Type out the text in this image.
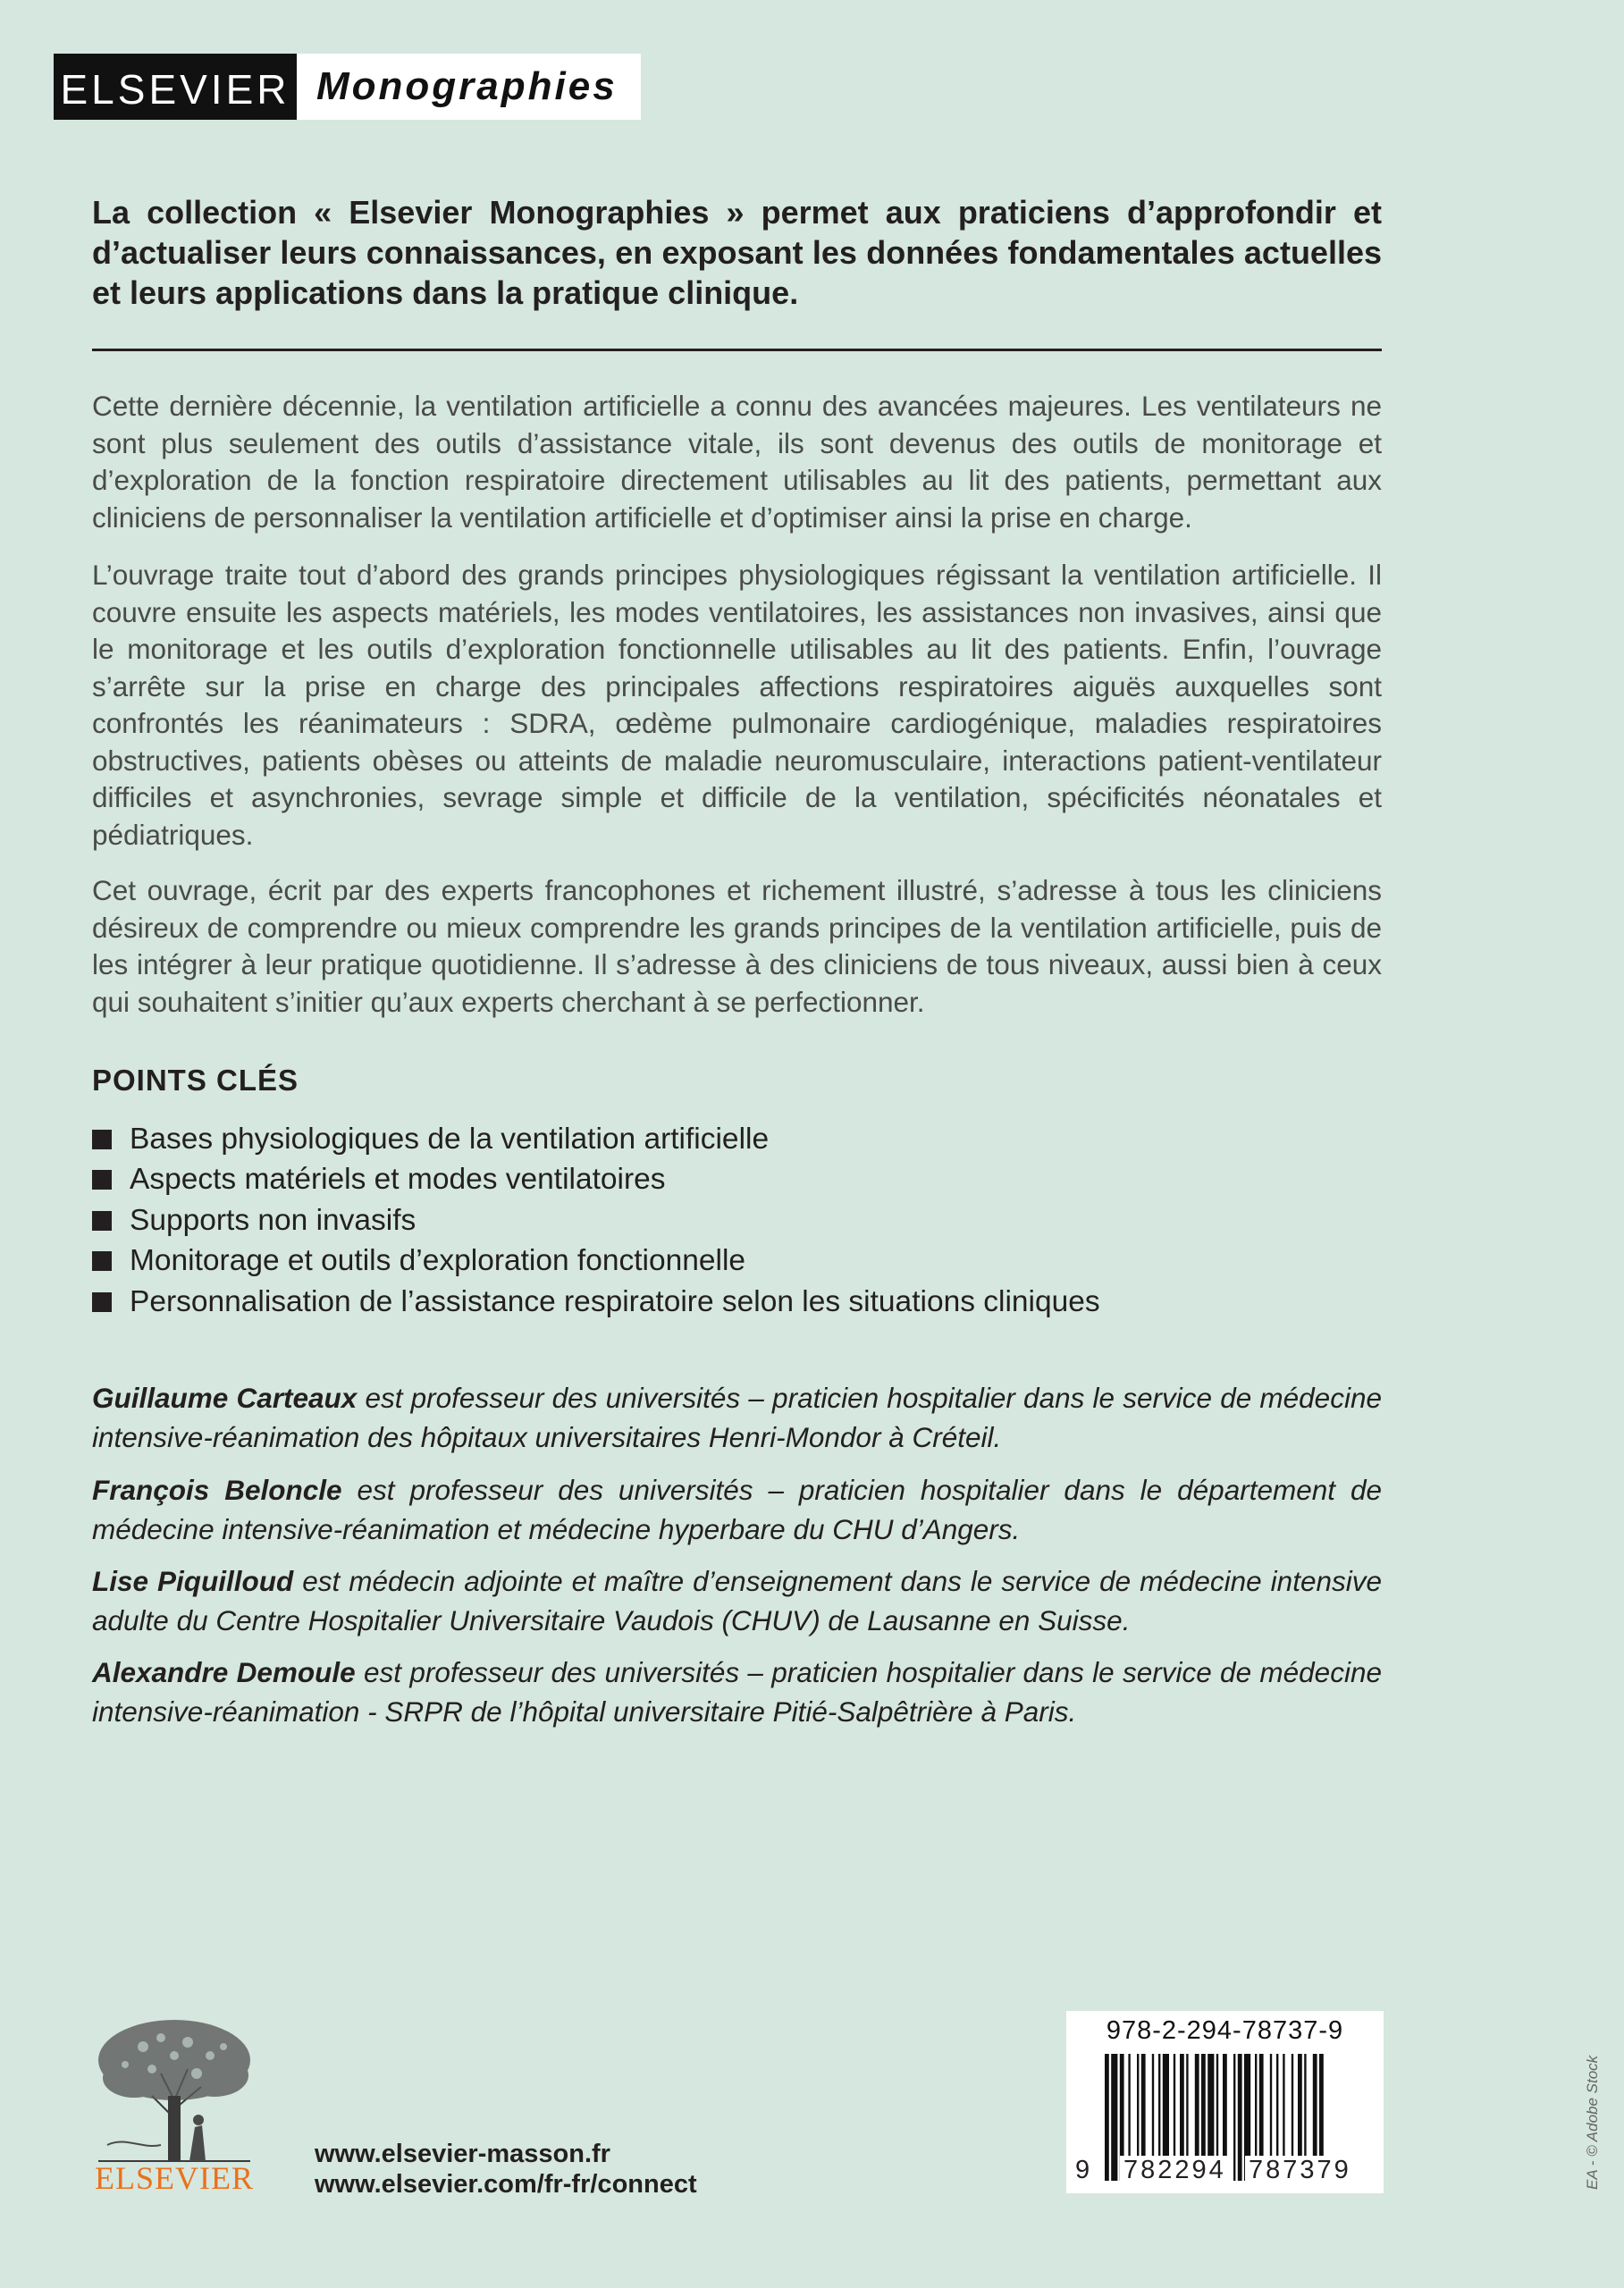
ELSEVIER Monographies

La collection « Elsevier Monographies » permet aux praticiens d’approfondir et d’actualiser leurs connaissances, en exposant les données fondamentales actuelles et leurs applications dans la pratique clinique.

Cette dernière décennie, la ventilation artificielle a connu des avancées majeures. Les ventilateurs ne sont plus seulement des outils d’assistance vitale, ils sont devenus des outils de monitorage et d’exploration de la fonction respiratoire directement utilisables au lit des patients, permettant aux cliniciens de personnaliser la ventilation artificielle et d’optimiser ainsi la prise en charge.

L’ouvrage traite tout d’abord des grands principes physiologiques régissant la ventilation artificielle. Il couvre ensuite les aspects matériels, les modes ventilatoires, les assistances non invasives, ainsi que le monitorage et les outils d’exploration fonctionnelle utilisables au lit des patients. Enfin, l’ouvrage s’arrête sur la prise en charge des principales affections respiratoires aiguës auxquelles sont confrontés les réanimateurs : SDRA, œdème pulmonaire cardiogénique, maladies respiratoires obstructives, patients obèses ou atteints de maladie neuromusculaire, interactions patient-ventilateur difficiles et asynchronies, sevrage simple et difficile de la ventilation, spécificités néonatales et pédiatriques.

Cet ouvrage, écrit par des experts francophones et richement illustré, s’adresse à tous les cliniciens désireux de comprendre ou mieux comprendre les grands principes de la ventilation artificielle, puis de les intégrer à leur pratique quotidienne. Il s’adresse à des cliniciens de tous niveaux, aussi bien à ceux qui souhaitent s’initier qu’aux experts cherchant à se perfectionner.

POINTS CLÉS
Bases physiologiques de la ventilation artificielle
Aspects matériels et modes ventilatoires
Supports non invasifs
Monitorage et outils d’exploration fonctionnelle
Personnalisation de l’assistance respiratoire selon les situations cliniques

Guillaume Carteaux est professeur des universités – praticien hospitalier dans le service de médecine intensive-réanimation des hôpitaux universitaires Henri-Mondor à Créteil.

François Beloncle est professeur des universités – praticien hospitalier dans le département de médecine intensive-réanimation et médecine hyperbare du CHU d’Angers.

Lise Piquilloud est médecin adjointe et maître d’enseignement dans le service de médecine intensive adulte du Centre Hospitalier Universitaire Vaudois (CHUV) de Lausanne en Suisse.

Alexandre Demoule est professeur des universités – praticien hospitalier dans le service de médecine intensive-réanimation - SRPR de l’hôpital universitaire Pitié-Salpêtrière à Paris.

ELSEVIER
www.elsevier-masson.fr
www.elsevier.com/fr-fr/connect
978-2-294-78737-9
9 782294 787379	EA - © Adobe Stock
